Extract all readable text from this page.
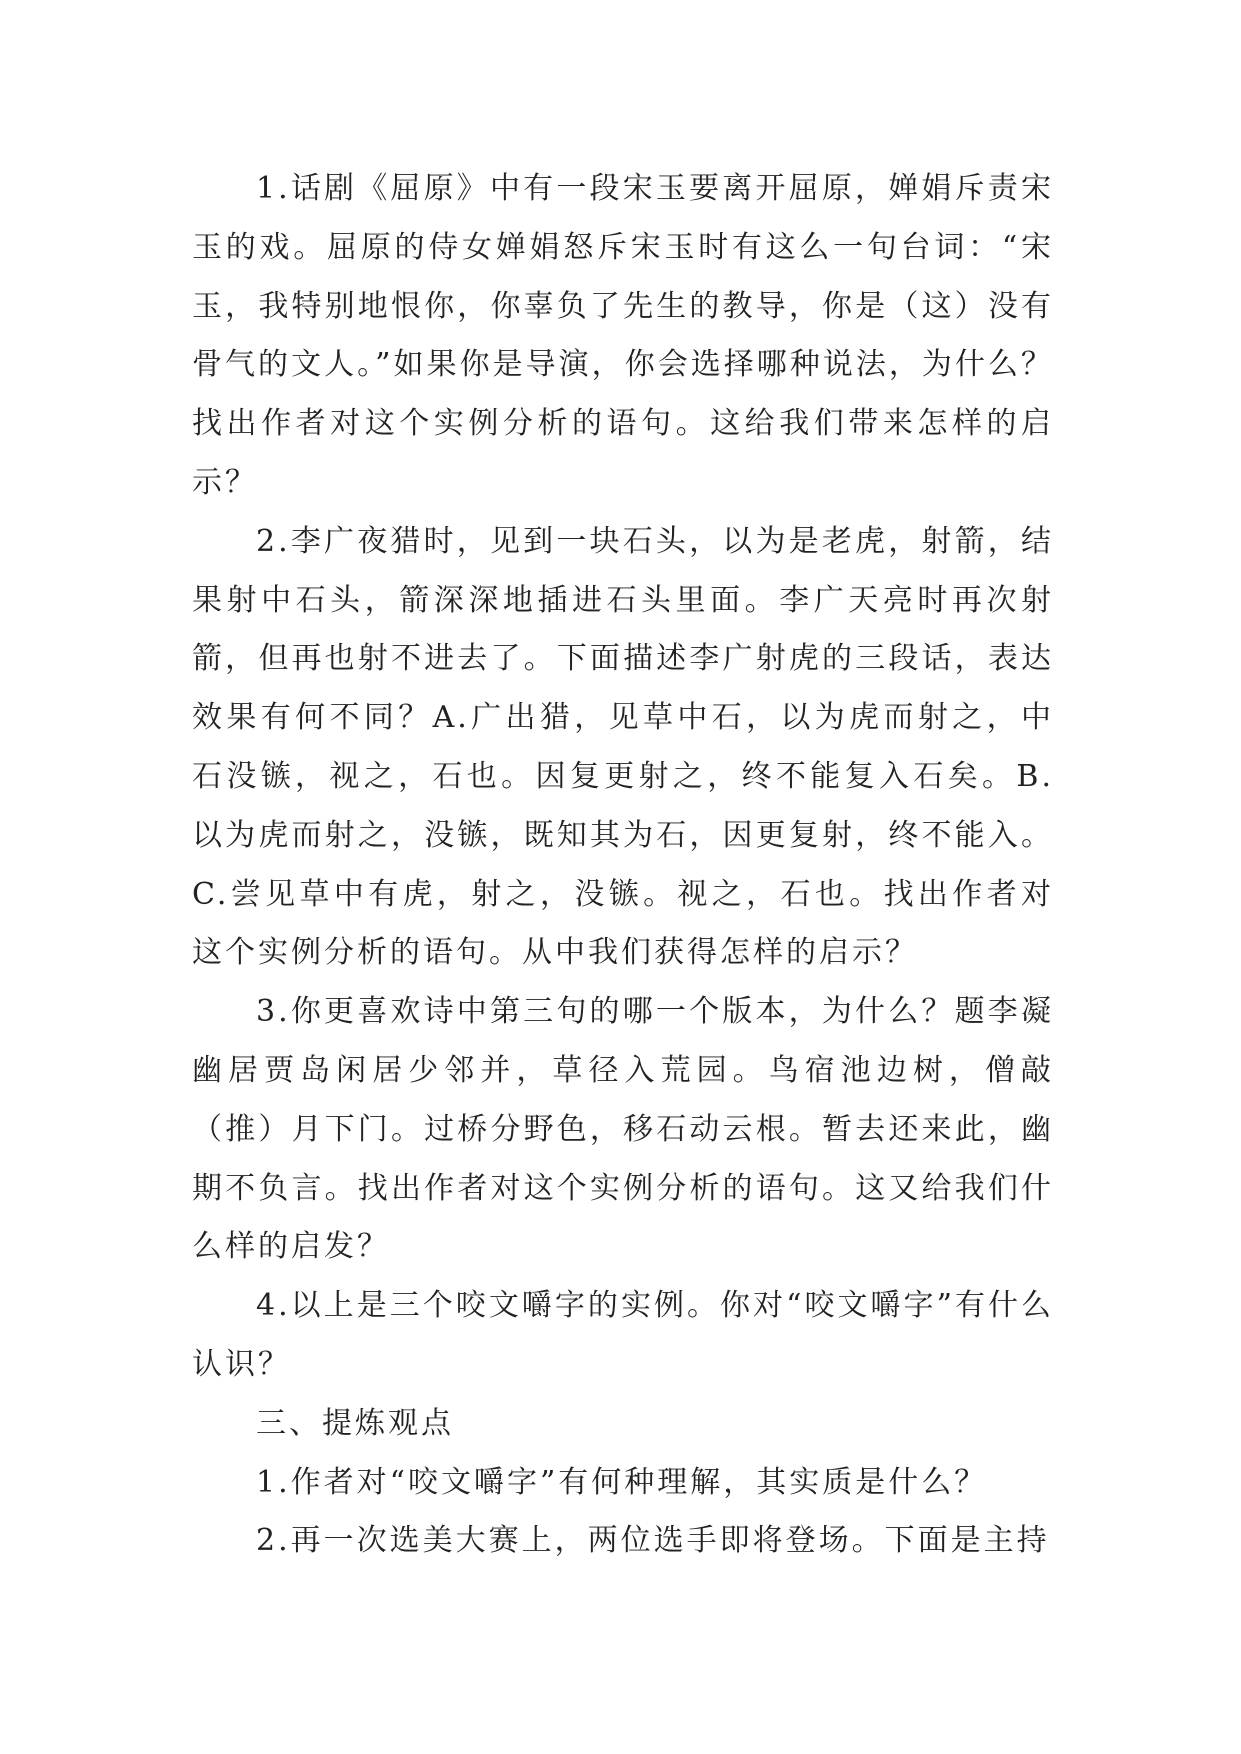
1.话剧《屈原》中有一段宋玉要离开屈原，婵娟斥责宋玉的戏。屈原的侍女婵娟怒斥宋玉时有这么一句台词：“宋玉，我特别地恨你，你辜负了先生的教导，你是（这）没有骨气的文人。”如果你是导演，你会选择哪种说法，为什么？找出作者对这个实例分析的语句。这给我们带来怎样的启示？

2.李广夜猎时，见到一块石头，以为是老虎，射箭，结果射中石头，箭深深地插进石头里面。李广天亮时再次射箭，但再也射不进去了。下面描述李广射虎的三段话，表达效果有何不同？A.广出猎，见草中石，以为虎而射之，中石没镞，视之，石也。因复更射之，终不能复入石矣。B.以为虎而射之，没镞，既知其为石，因更复射，终不能入。C.尝见草中有虎，射之，没镞。视之，石也。找出作者对这个实例分析的语句。从中我们获得怎样的启示？

3.你更喜欢诗中第三句的哪一个版本，为什么？题李凝幽居贾岛闲居少邻并，草径入荒园。鸟宿池边树，僧敲（推）月下门。过桥分野色，移石动云根。暂去还来此，幽期不负言。找出作者对这个实例分析的语句。这又给我们什么样的启发？

4.以上是三个咬文嚼字的实例。你对“咬文嚼字”有什么认识？

三、提炼观点

1.作者对“咬文嚼字”有何种理解，其实质是什么？

2.再一次选美大赛上，两位选手即将登场。下面是主持
